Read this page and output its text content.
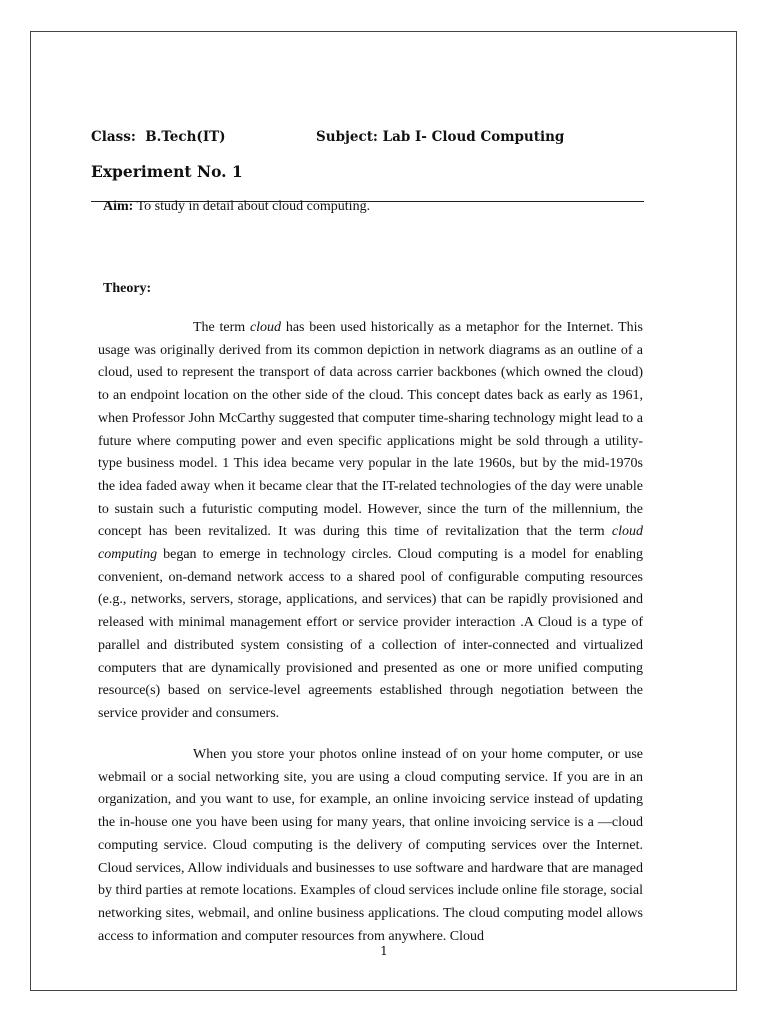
Class:  B.Tech(IT)	Subject: Lab I- Cloud Computing
Experiment No. 1
Aim: To study in detail about cloud computing.
Theory:

The term cloud has been used historically as a metaphor for the Internet. This usage was originally derived from its common depiction in network diagrams as an outline of a cloud, used to represent the transport of data across carrier backbones (which owned the cloud) to an endpoint location on the other side of the cloud. This concept dates back as early as 1961, when Professor John McCarthy suggested that computer time-sharing technology might lead to a future where computing power and even specific applications might be sold through a utility-type business model. 1 This idea became very popular in the late 1960s, but by the mid-1970s the idea faded away when it became clear that the IT-related technologies of the day were unable to sustain such a futuristic computing model. However, since the turn of the millennium, the concept has been revitalized. It was during this time of revitalization that the term cloud computing began to emerge in technology circles. Cloud computing is a model for enabling convenient, on-demand network access to a shared pool of configurable computing resources (e.g., networks, servers, storage, applications, and services) that can be rapidly provisioned and released with minimal management effort or service provider interaction .A Cloud is a type of parallel and distributed system consisting of a collection of inter-connected and virtualized computers that are dynamically provisioned and presented as one or more unified computing resource(s) based on service-level agreements established through negotiation between the service provider and consumers.

When you store your photos online instead of on your home computer, or use webmail or a social networking site, you are using a cloud computing service. If you are in an organization, and you want to use, for example, an online invoicing service instead of updating the in-house one you have been using for many years, that online invoicing service is a ―cloud computing service. Cloud computing is the delivery of computing services over the Internet. Cloud services, Allow individuals and businesses to use software and hardware that are managed by third parties at remote locations. Examples of cloud services include online file storage, social networking sites, webmail, and online business applications. The cloud computing model allows access to information and computer resources from anywhere. Cloud

1
